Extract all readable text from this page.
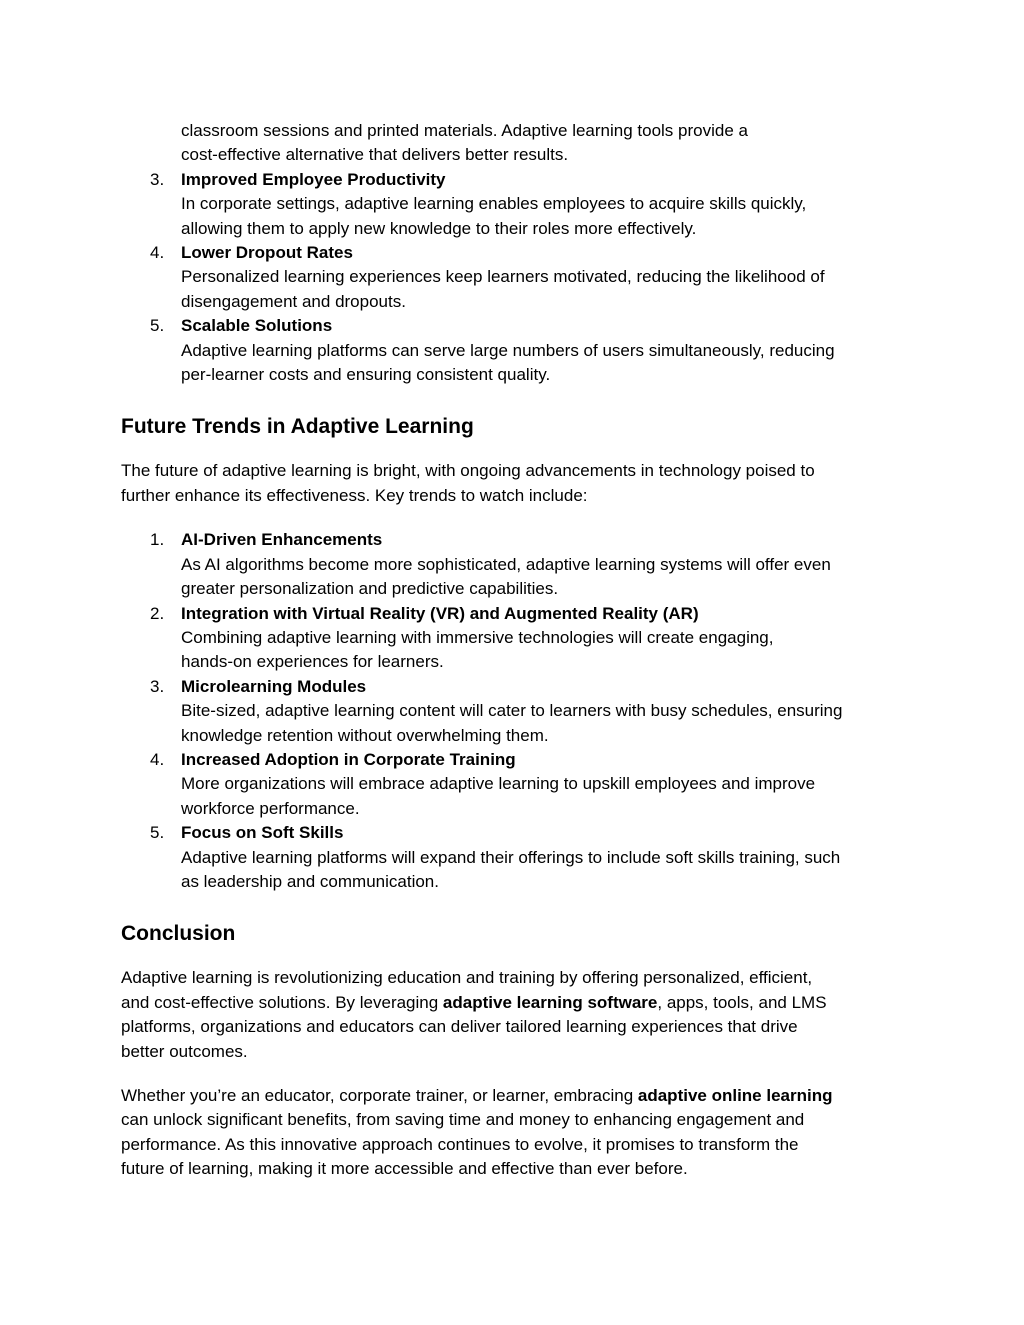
classroom sessions and printed materials. Adaptive learning tools provide a
cost-effective alternative that delivers better results.
3. Improved Employee Productivity
In corporate settings, adaptive learning enables employees to acquire skills quickly,
allowing them to apply new knowledge to their roles more effectively.
4. Lower Dropout Rates
Personalized learning experiences keep learners motivated, reducing the likelihood of
disengagement and dropouts.
5. Scalable Solutions
Adaptive learning platforms can serve large numbers of users simultaneously, reducing
per-learner costs and ensuring consistent quality.
Future Trends in Adaptive Learning
The future of adaptive learning is bright, with ongoing advancements in technology poised to
further enhance its effectiveness. Key trends to watch include:
1. AI-Driven Enhancements
As AI algorithms become more sophisticated, adaptive learning systems will offer even
greater personalization and predictive capabilities.
2. Integration with Virtual Reality (VR) and Augmented Reality (AR)
Combining adaptive learning with immersive technologies will create engaging,
hands-on experiences for learners.
3. Microlearning Modules
Bite-sized, adaptive learning content will cater to learners with busy schedules, ensuring
knowledge retention without overwhelming them.
4. Increased Adoption in Corporate Training
More organizations will embrace adaptive learning to upskill employees and improve
workforce performance.
5. Focus on Soft Skills
Adaptive learning platforms will expand their offerings to include soft skills training, such
as leadership and communication.
Conclusion
Adaptive learning is revolutionizing education and training by offering personalized, efficient,
and cost-effective solutions. By leveraging adaptive learning software, apps, tools, and LMS
platforms, organizations and educators can deliver tailored learning experiences that drive
better outcomes.
Whether you’re an educator, corporate trainer, or learner, embracing adaptive online learning
can unlock significant benefits, from saving time and money to enhancing engagement and
performance. As this innovative approach continues to evolve, it promises to transform the
future of learning, making it more accessible and effective than ever before.
